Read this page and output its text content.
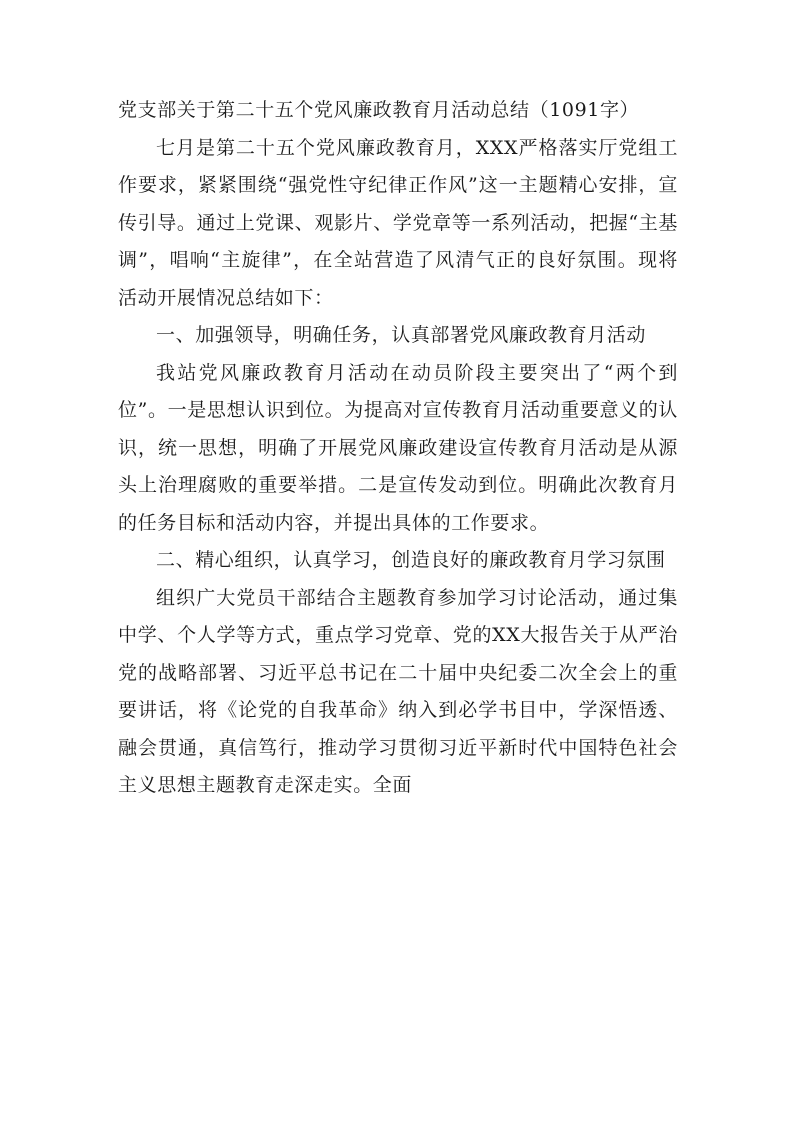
党支部关于第二十五个党风廉政教育月活动总结（1091字）

七月是第二十五个党风廉政教育月，XXX严格落实厅党组工作要求，紧紧围绕“强党性守纪律正作风”这一主题精心安排，宣传引导。通过上党课、观影片、学党章等一系列活动，把握“主基调”，唱响“主旋律”，在全站营造了风清气正的良好氛围。现将活动开展情况总结如下：

一、加强领导，明确任务，认真部署党风廉政教育月活动

我站党风廉政教育月活动在动员阶段主要突出了“两个到位”。一是思想认识到位。为提高对宣传教育月活动重要意义的认识，统一思想，明确了开展党风廉政建设宣传教育月活动是从源头上治理腐败的重要举措。二是宣传发动到位。明确此次教育月的任务目标和活动内容，并提出具体的工作要求。

二、精心组织，认真学习，创造良好的廉政教育月学习氛围

组织广大党员干部结合主题教育参加学习讨论活动，通过集中学、个人学等方式，重点学习党章、党的XX大报告关于从严治党的战略部署、习近平总书记在二十届中央纪委二次全会上的重要讲话，将《论党的自我革命》纳入到必学书目中，学深悟透、融会贯通，真信笃行，推动学习贯彻习近平新时代中国特色社会主义思想主题教育走深走实。全面
